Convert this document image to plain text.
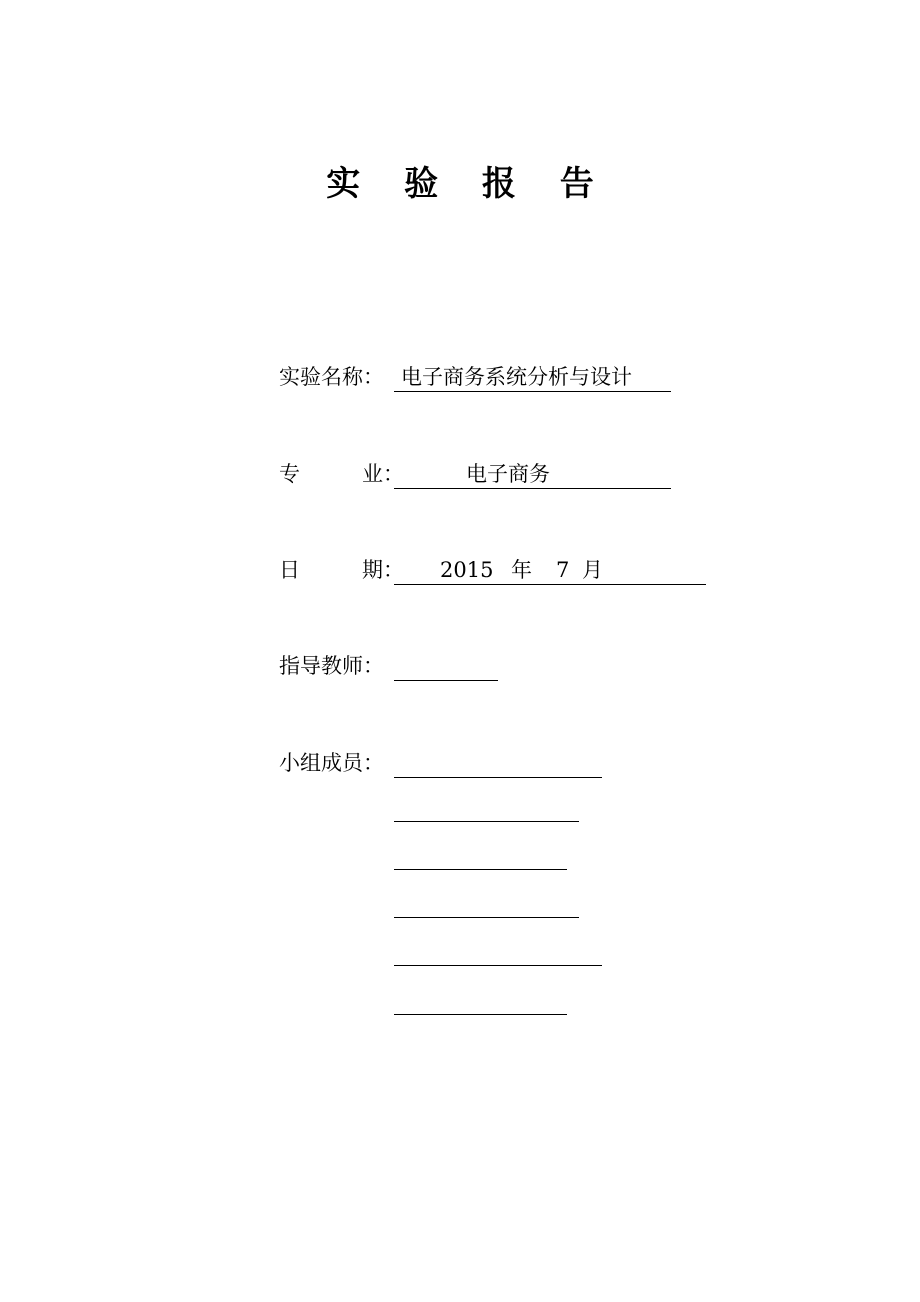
实 验 报 告
实验名称： 电子商务系统分析与设计
专	业：	电子商务
日	期： 2015 年 7 月
指导教师：
小组成员：
